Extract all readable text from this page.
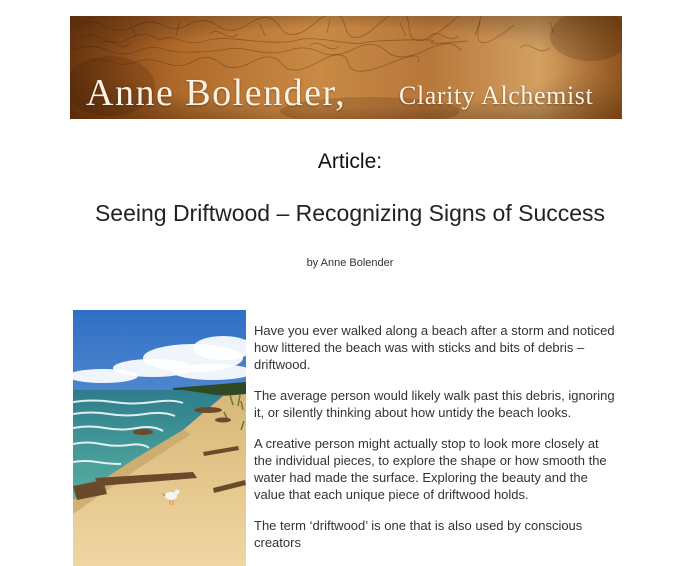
Anne Bolender, Clarity Alchemist
Article:
Seeing Driftwood – Recognizing Signs of Success
by Anne Bolender

Have you ever walked along a beach after a storm and noticed how littered the beach was with sticks and bits of debris – driftwood.

The average person would likely walk past this debris, ignoring it, or silently thinking about how untidy the beach looks.

A creative person might actually stop to look more closely at the individual pieces, to explore the shape or how smooth the water had made the surface. Exploring the beauty and the value that each unique piece of driftwood holds.

The term ‘driftwood’ is one that is also used by conscious creators
